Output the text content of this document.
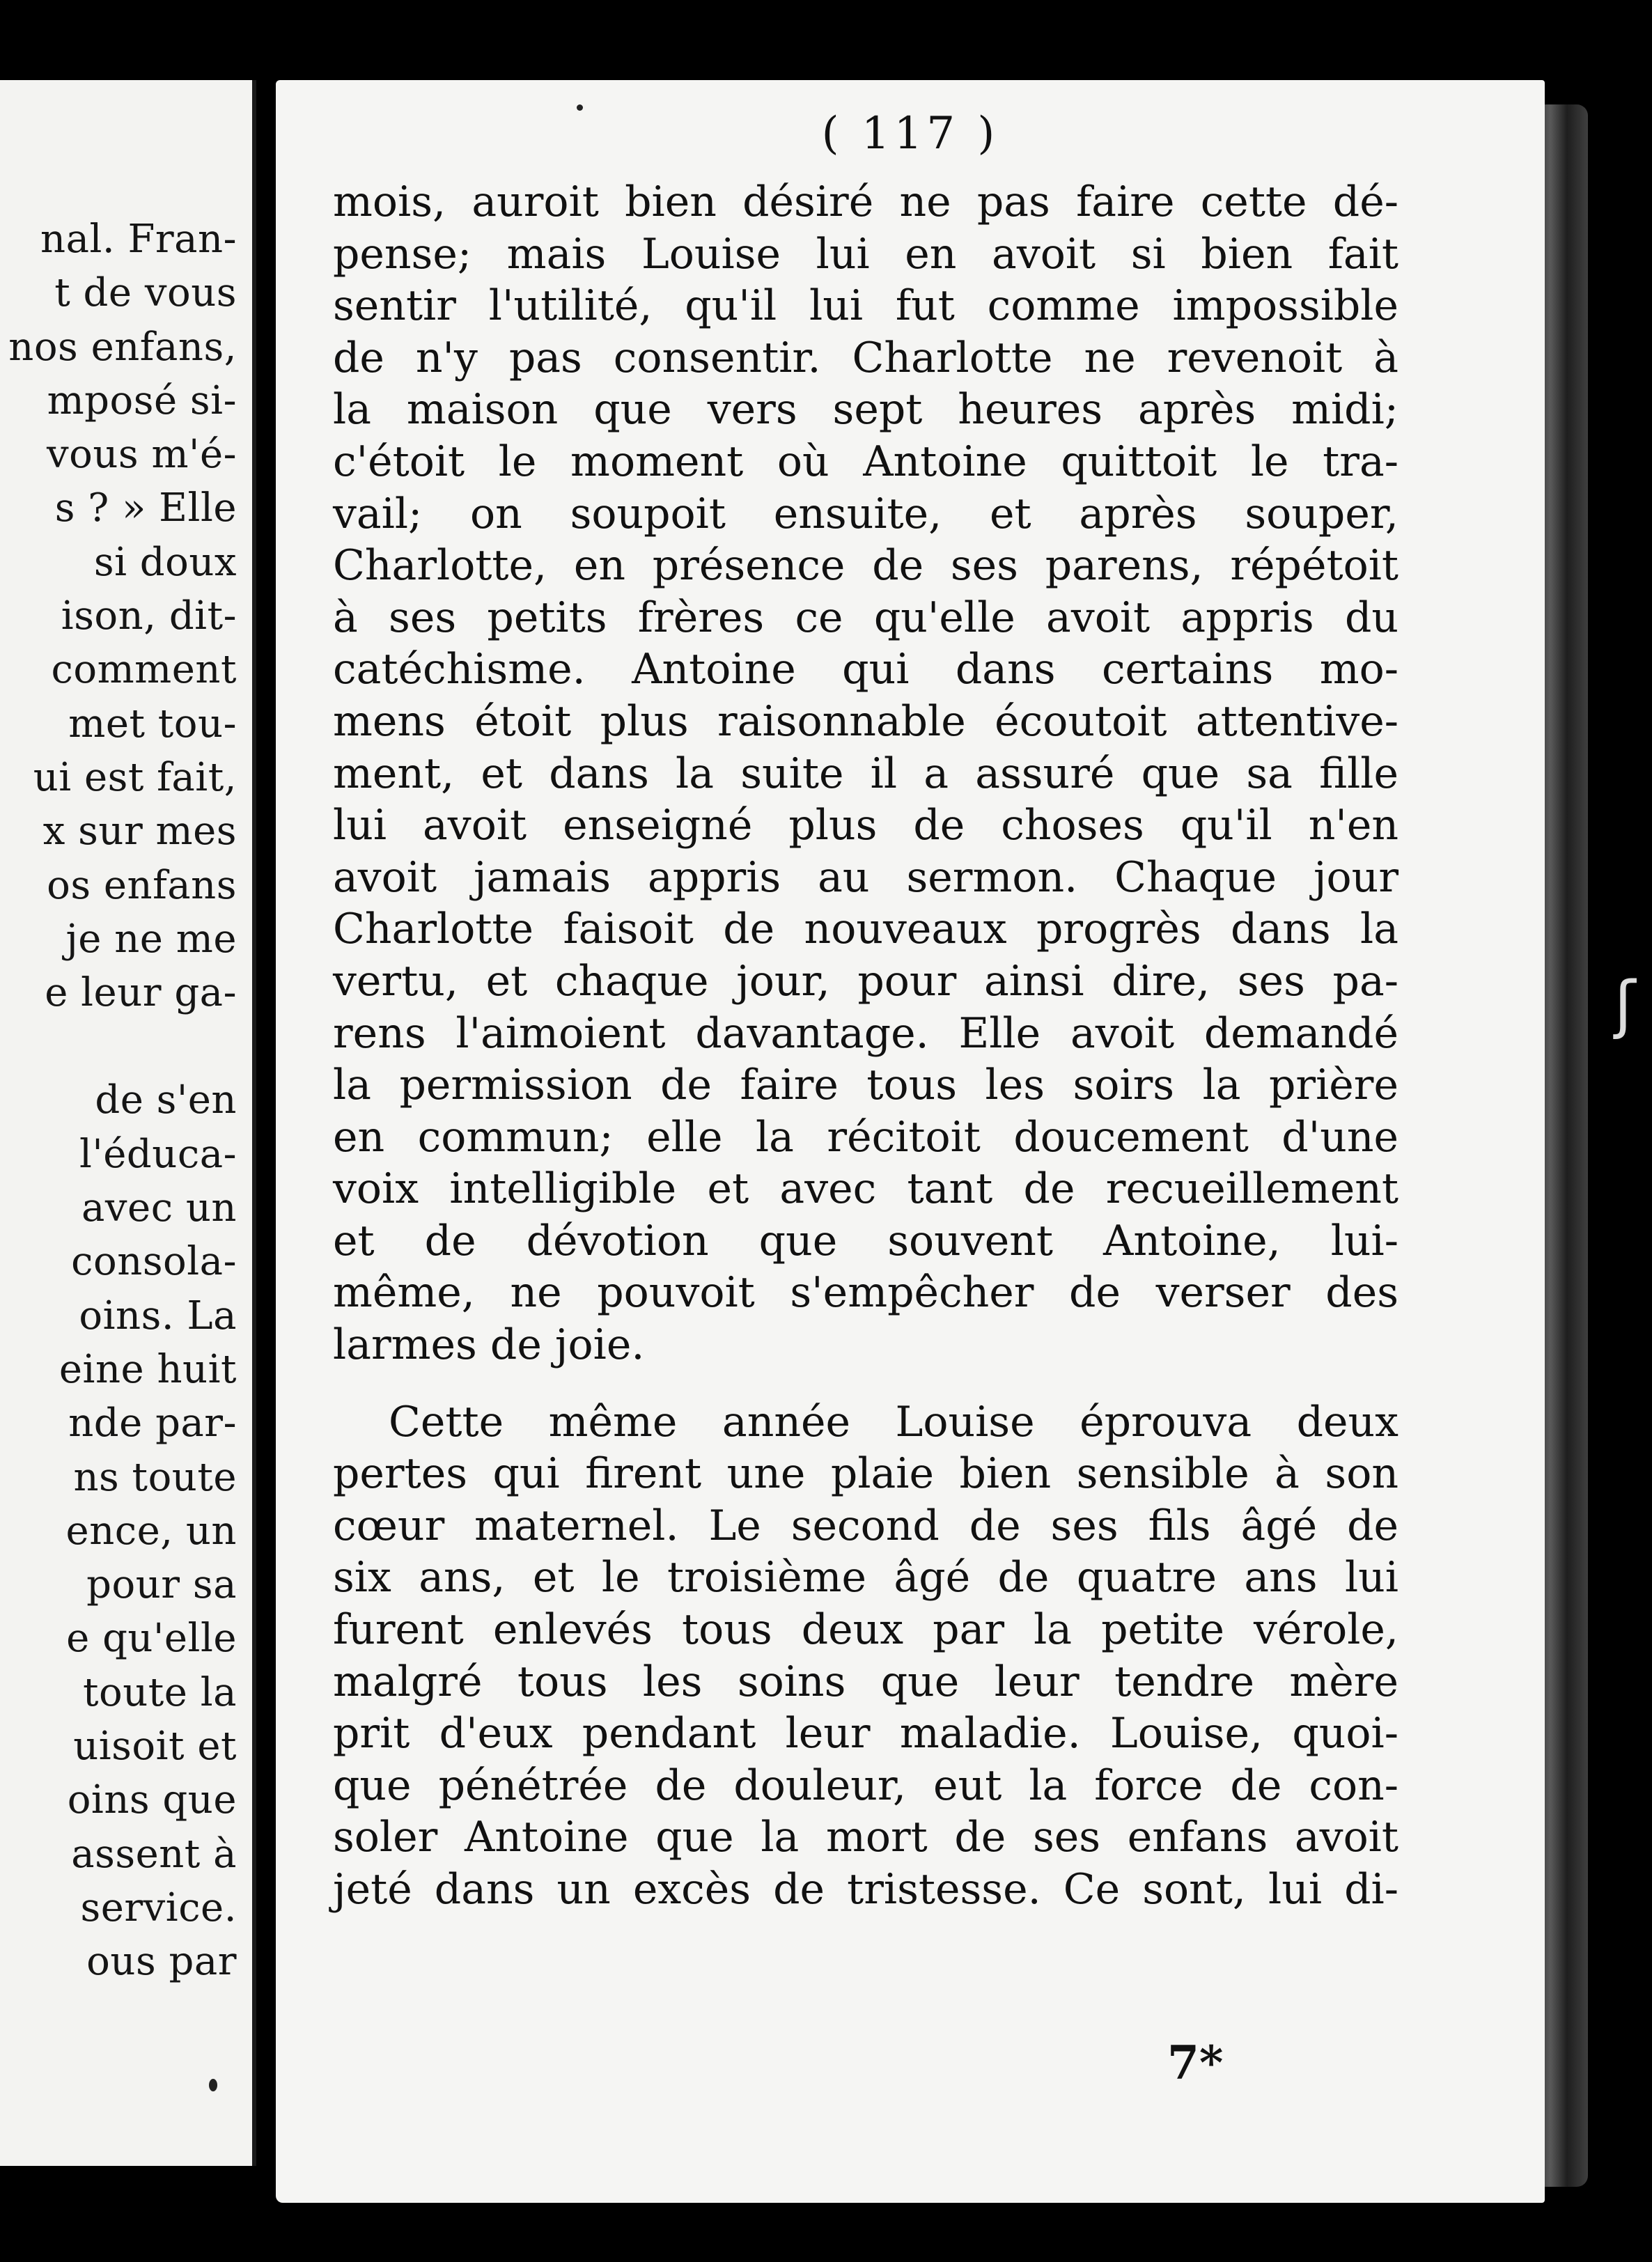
nal. Fran-
t de vous
nos enfans,
mposé si-
vous m'é-
s ? » Elle
si doux
ison, dit-
comment
met tou-
ui est fait,
x sur mes
os enfans
je ne me
e leur ga-
de s'en
l'éduca-
avec un
consola-
oins. La
eine huit
nde par-
ns toute
ence, un
pour sa
e qu'elle
toute la
uisoit et
oins que
assent à
service.
ous par
( 117 )
mois, auroit bien désiré ne pas faire cette dé-
pense; mais Louise lui en avoit si bien fait
sentir l'utilité, qu'il lui fut comme impossible
de n'y pas consentir. Charlotte ne revenoit à
la maison que vers sept heures après midi;
c'étoit le moment où Antoine quittoit le tra-
vail; on soupoit ensuite, et après souper,
Charlotte, en présence de ses parens, répétoit
à ses petits frères ce qu'elle avoit appris du
catéchisme. Antoine qui dans certains mo-
mens étoit plus raisonnable écoutoit attentive-
ment, et dans la suite il a assuré que sa fille
lui avoit enseigné plus de choses qu'il n'en
avoit jamais appris au sermon. Chaque jour
Charlotte faisoit de nouveaux progrès dans la
vertu, et chaque jour, pour ainsi dire, ses pa-
rens l'aimoient davantage. Elle avoit demandé
la permission de faire tous les soirs la prière
en commun; elle la récitoit doucement d'une
voix intelligible et avec tant de recueillement
et de dévotion que souvent Antoine, lui-
même, ne pouvoit s'empêcher de verser des
larmes de joie.
Cette même année Louise éprouva deux
pertes qui firent une plaie bien sensible à son
cœur maternel. Le second de ses fils âgé de
six ans, et le troisième âgé de quatre ans lui
furent enlevés tous deux par la petite vérole,
malgré tous les soins que leur tendre mère
prit d'eux pendant leur maladie. Louise, quoi-
que pénétrée de douleur, eut la force de con-
soler Antoine que la mort de ses enfans avoit
jeté dans un excès de tristesse. Ce sont, lui di-
7*
ʃ
